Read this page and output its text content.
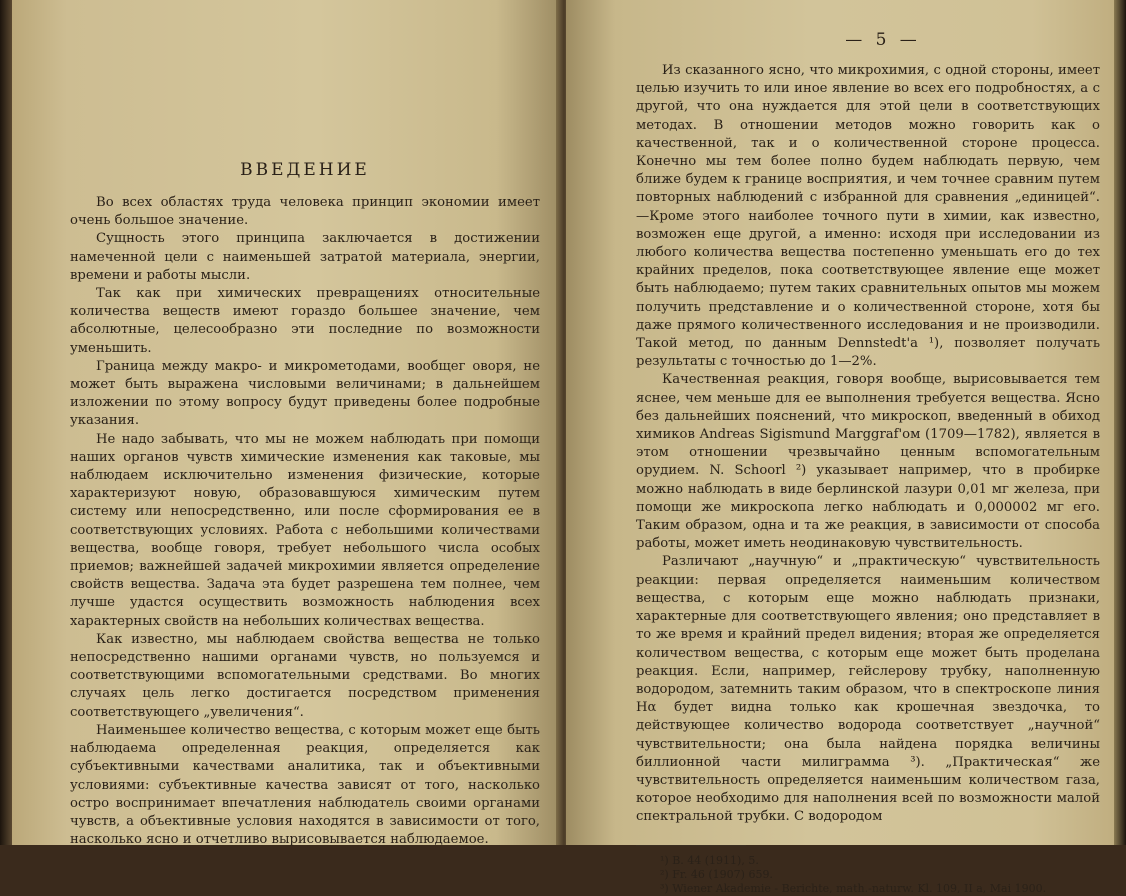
ВВЕДЕНИЕ

Во всех областях труда человека принцип экономии имеет очень большое значение.

Сущность этого принципа заключается в достижении намеченной цели с наименьшей затратой материала, энергии, времени и работы мысли.

Так как при химических превращениях относительные количества веществ имеют гораздо большее значение, чем абсолютные, целесообразно эти последние по возможности уменьшить.

Граница между макро- и микрометодами, вообщег оворя, не может быть выражена числовыми величинами; в дальнейшем изложении по этому вопросу будут приведены более подробные указания.

Не надо забывать, что мы не можем наблюдать при помощи наших органов чувств химические изменения как таковые, мы наблюдаем исключительно изменения физические, которые характеризуют новую, образовавшуюся химическим путем систему или непосредственно, или после сформирования ее в соответствующих условиях. Работа с небольшими количествами вещества, вообще говоря, требует небольшого числа особых приемов; важнейшей задачей микрохимии является определение свойств вещества. Задача эта будет разрешена тем полнее, чем лучше удастся осуществить возможность наблюдения всех характерных свойств на небольших количествах вещества.

Как известно, мы наблюдаем свойства вещества не только непосредственно нашими органами чувств, но пользуемся и соответствующими вспомогательными средствами. Во многих случаях цель легко достигается посредством применения соответствующего „увеличения“.

Наименьшее количество вещества, с которым может еще быть наблюдаема определенная реакция, определяется как субъективными качествами аналитика, так и объективными условиями: субъективные качества зависят от того, насколько остро воспринимает впечатления наблюдатель своими органами чувств, а объективные условия находятся в зависимости от того, насколько ясно и отчетливо вырисовывается наблюдаемое.

— 5 —

Из сказанного ясно, что микрохимия, с одной стороны, имеет целью изучить то или иное явление во всех его подробностях, а с другой, что она нуждается для этой цели в соответствующих методах. В отношении методов можно говорить как о качественной, так и о количественной стороне процесса. Конечно мы тем более полно будем наблюдать первую, чем ближе будем к границе восприятия, и чем точнее сравним путем повторных наблюдений с избранной для сравнения „единицей“.—Кроме этого наиболее точного пути в химии, как известно, возможен еще другой, а именно: исходя при исследовании из любого количества вещества постепенно уменьшать его до тех крайних пределов, пока соответствующее явление еще может быть наблюдаемо; путем таких сравнительных опытов мы можем получить представление и о количественной стороне, хотя бы даже прямого количественного исследования и не производили. Такой метод, по данным Dennstedt'a ¹), позволяет получать результаты с точностью до 1—2%.

Качественная реакция, говоря вообще, вырисовывается тем яснее, чем меньше для ее выполнения требуется вещества. Ясно без дальнейших пояснений, что микроскоп, введенный в обиход химиков Andreas Sigismund Marggraf'ом (1709—1782), является в этом отношении чрезвычайно ценным вспомогательным орудием. N. Schoorl ²) указывает например, что в пробирке можно наблюдать в виде берлинской лазури 0,01 мг железа, при помощи же микроскопа легко наблюдать и 0,000002 мг его. Таким образом, одна и та же реакция, в зависимости от способа работы, может иметь неодинаковую чувствительность.

Различают „научную“ и „практическую“ чувствительность реакции: первая определяется наименьшим количеством вещества, с которым еще можно наблюдать признаки, характерные для соответствующего явления; оно представляет в то же время и крайний предел видения; вторая же определяется количеством вещества, с которым еще может быть проделана реакция. Если, например, гейслерову трубку, наполненную водородом, затемнить таким образом, что в спектроскопе линия Hα будет видна только как крошечная звездочка, то действующее количество водорода соответствует „научной“ чувствительности; она была найдена порядка величины биллионной части милиграмма ³). „Практическая“ же чувствительность определяется наименьшим количеством газа, которое необходимо для наполнения всей по возможности малой спектральной трубки. С водородом

¹) B. 44 (1911), 5.
²) Fr. 46 (1907) 659.
³) Wiener Akademie - Berichte, math.-naturw. Kl. 109, II a, Mai 1900.
